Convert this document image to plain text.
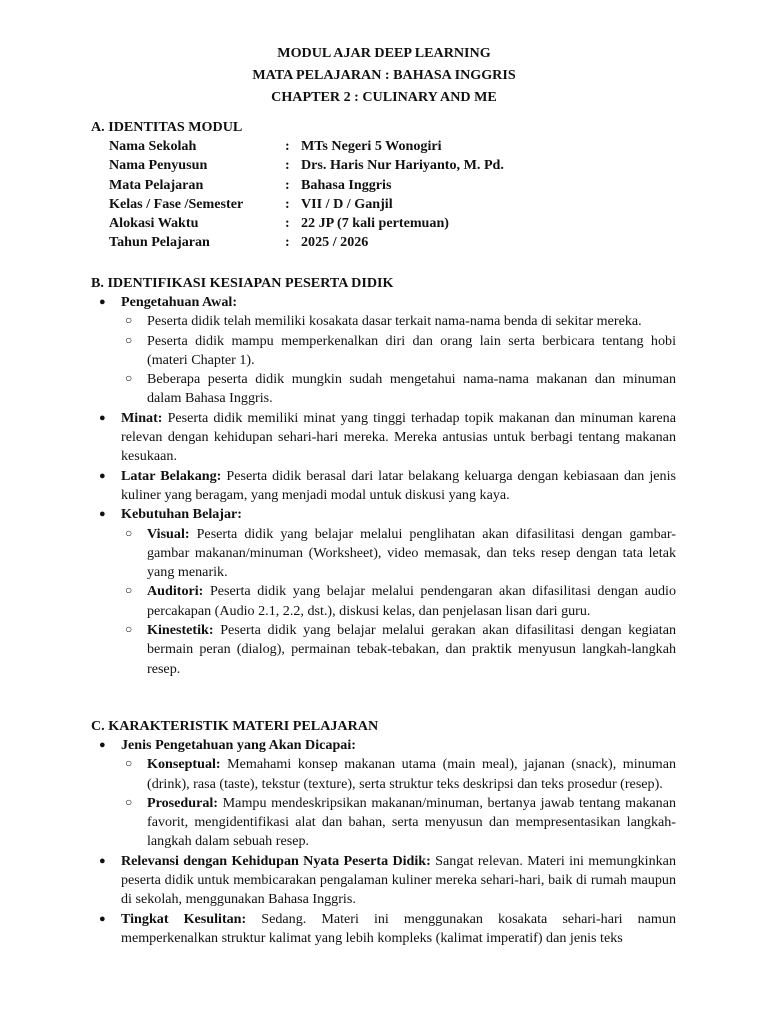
MODUL AJAR DEEP LEARNING
MATA PELAJARAN : BAHASA INGGRIS
CHAPTER 2 : CULINARY AND ME
A. IDENTITAS MODUL
Nama Sekolah	: MTs Negeri 5 Wonogiri
Nama Penyusun	: Drs. Haris Nur Hariyanto, M. Pd.
Mata Pelajaran	: Bahasa Inggris
Kelas / Fase /Semester	: VII / D / Ganjil
Alokasi Waktu	: 22 JP (7 kali pertemuan)
Tahun Pelajaran	: 2025 / 2026
B. IDENTIFIKASI KESIAPAN PESERTA DIDIK
● Pengetahuan Awal:
○ Peserta didik telah memiliki kosakata dasar terkait nama-nama benda di sekitar mereka.
○ Peserta didik mampu memperkenalkan diri dan orang lain serta berbicara tentang hobi (materi Chapter 1).
○ Beberapa peserta didik mungkin sudah mengetahui nama-nama makanan dan minuman dalam Bahasa Inggris.
● Minat: Peserta didik memiliki minat yang tinggi terhadap topik makanan dan minuman karena relevan dengan kehidupan sehari-hari mereka. Mereka antusias untuk berbagi tentang makanan kesukaan.
● Latar Belakang: Peserta didik berasal dari latar belakang keluarga dengan kebiasaan dan jenis kuliner yang beragam, yang menjadi modal untuk diskusi yang kaya.
● Kebutuhan Belajar:
○ Visual: Peserta didik yang belajar melalui penglihatan akan difasilitasi dengan gambar-gambar makanan/minuman (Worksheet), video memasak, dan teks resep dengan tata letak yang menarik.
○ Auditori: Peserta didik yang belajar melalui pendengaran akan difasilitasi dengan audio percakapan (Audio 2.1, 2.2, dst.), diskusi kelas, dan penjelasan lisan dari guru.
○ Kinestetik: Peserta didik yang belajar melalui gerakan akan difasilitasi dengan kegiatan bermain peran (dialog), permainan tebak-tebakan, dan praktik menyusun langkah-langkah resep.
C. KARAKTERISTIK MATERI PELAJARAN
● Jenis Pengetahuan yang Akan Dicapai:
○ Konseptual: Memahami konsep makanan utama (main meal), jajanan (snack), minuman (drink), rasa (taste), tekstur (texture), serta struktur teks deskripsi dan teks prosedur (resep).
○ Prosedural: Mampu mendeskripsikan makanan/minuman, bertanya jawab tentang makanan favorit, mengidentifikasi alat dan bahan, serta menyusun dan mempresentasikan langkah-langkah dalam sebuah resep.
● Relevansi dengan Kehidupan Nyata Peserta Didik: Sangat relevan. Materi ini memungkinkan peserta didik untuk membicarakan pengalaman kuliner mereka sehari-hari, baik di rumah maupun di sekolah, menggunakan Bahasa Inggris.
● Tingkat Kesulitan: Sedang. Materi ini menggunakan kosakata sehari-hari namun memperkenalkan struktur kalimat yang lebih kompleks (kalimat imperatif) dan jenis teks
